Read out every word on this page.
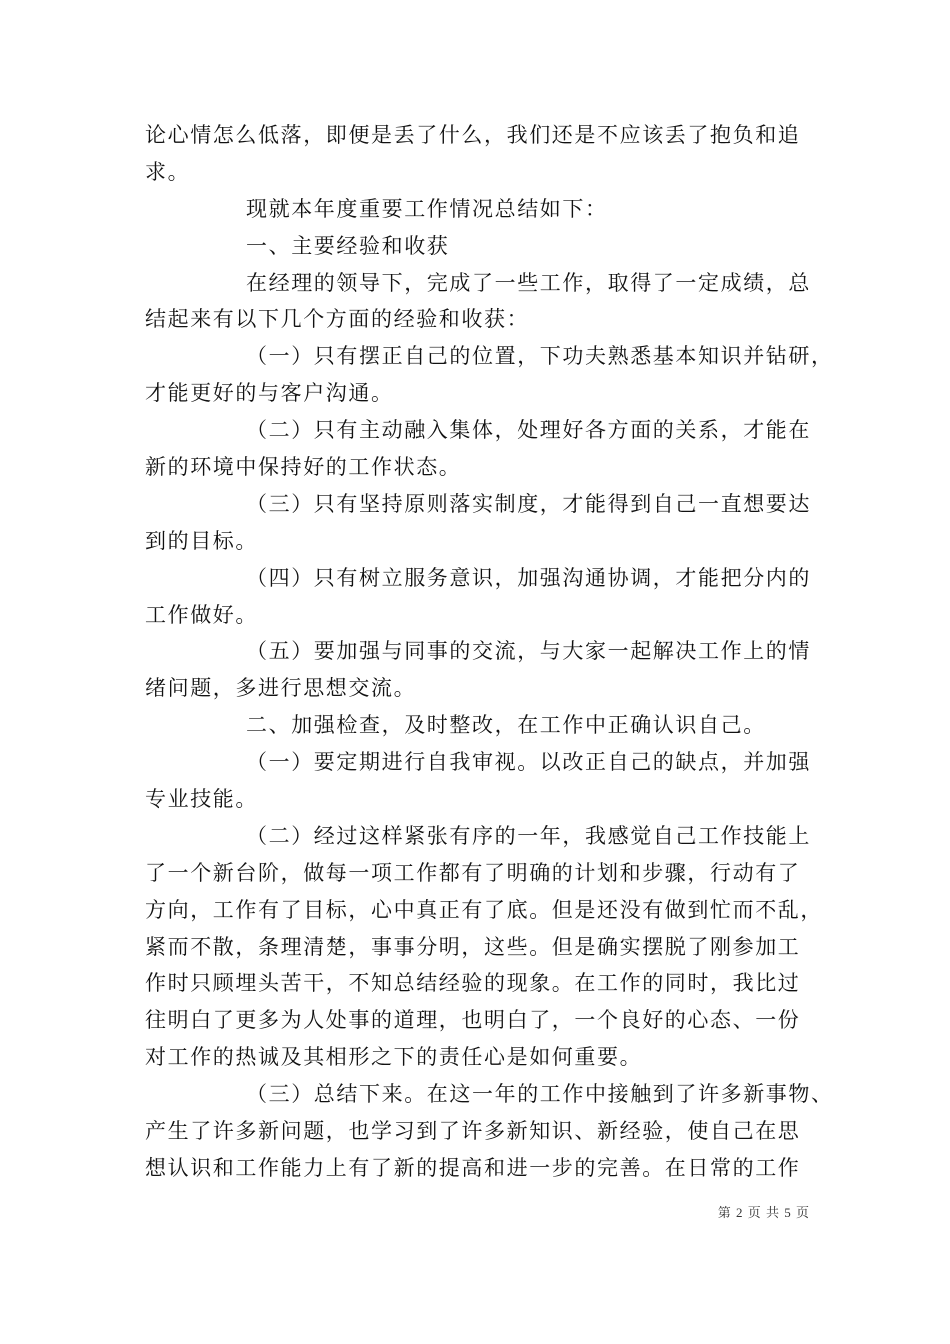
论心情怎么低落，即便是丢了什么，我们还是不应该丢了抱负和追
求。
现就本年度重要工作情况总结如下：
一、主要经验和收获
在经理的领导下，完成了一些工作，取得了一定成绩，总
结起来有以下几个方面的经验和收获：
（一）只有摆正自己的位置，下功夫熟悉基本知识并钻研，
才能更好的与客户沟通。
（二）只有主动融入集体，处理好各方面的关系，才能在
新的环境中保持好的工作状态。
（三）只有坚持原则落实制度，才能得到自己一直想要达
到的目标。
（四）只有树立服务意识，加强沟通协调，才能把分内的
工作做好。
（五）要加强与同事的交流，与大家一起解决工作上的情
绪问题，多进行思想交流。
二、加强检查，及时整改，在工作中正确认识自己。
（一）要定期进行自我审视。以改正自己的缺点，并加强
专业技能。
（二）经过这样紧张有序的一年，我感觉自己工作技能上
了一个新台阶，做每一项工作都有了明确的计划和步骤，行动有了
方向，工作有了目标，心中真正有了底。但是还没有做到忙而不乱，
紧而不散，条理清楚，事事分明，这些。但是确实摆脱了刚参加工
作时只顾埋头苦干，不知总结经验的现象。在工作的同时，我比过
往明白了更多为人处事的道理，也明白了，一个良好的心态、一份
对工作的热诚及其相形之下的责任心是如何重要。
（三）总结下来。在这一年的工作中接触到了许多新事物、
产生了许多新问题，也学习到了许多新知识、新经验，使自己在思
想认识和工作能力上有了新的提高和进一步的完善。在日常的工作
第 2 页 共 5 页
